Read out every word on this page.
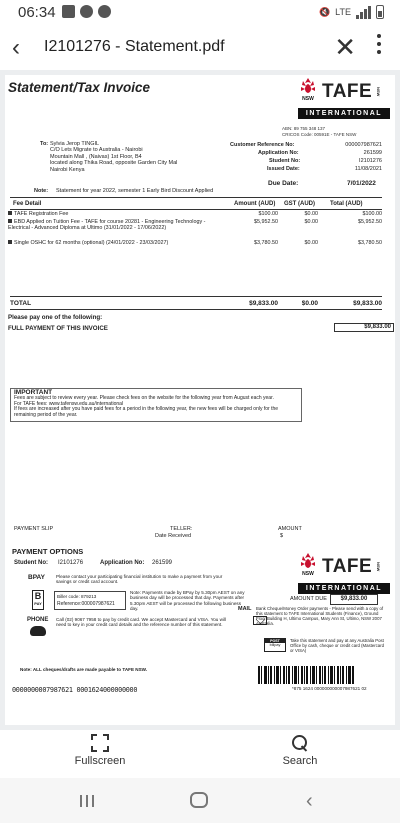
06:34	🔇 LTE
‹ I2101276 - Statement.pdf	✕
Statement/Tax Invoice
NSW TAFE NSW
INTERNATIONAL
ABN: 89 755 348 137
CRICOS Code: 00591E - TAFE NSW
To: Sylvia Jerop TINGIL
C/O Lets Migrate to Australia - Nairobi
Mountain Mall , (Naivas) 1st Floor, B4
located along Thika Road, opposite Garden City Mal
Nairobi Kenya
Customer Reference No:	000007987621
Application No:	261599
Student No:	I2101276
Issued Date:	11/08/2021
Due Date:	7/01/2022
Note: Statement for year 2022, semester 1 Early Bird Discount Applied
Fee Detail	Amount (AUD) GST (AUD)	Total (AUD)
TAFE Registration Fee	$100.00	$0.00	$100.00
EBD Applied on Tuition Fee - TAFE for course 20281 - Engineering Technology - Electrical - Advanced Diploma at Ultimo (31/01/2022 - 17/06/2022)
$5,952.50	$0.00	$5,952.50
Single OSHC for 62 months (optional) (24/01/2022 - 23/03/2027)	$3,780.50	$0.00	$3,780.50
TOTAL	$9,833.00	$0.00	$9,833.00
Please pay one of the following:
FULL PAYMENT OF THIS INVOICE	$9,833.00
IMPORTANT
Fees are subject to review every year. Please check fees on the website for the following year from August each year.
For TAFE fees: www.tafensw.edu.au/international
If fees are increased after you have paid fees for a period in the following year, the new fees will be charged only for the remaining period of the year.
PAYMENT SLIP	TELLER:
Date Received
AMOUNT
$
PAYMENT OPTIONS
Student No: I2101276	Application No: 261599
NSW TAFE NSW
INTERNATIONAL
BPAY Please contact your participating financial institution to make a payment from your savings or credit card account.
B
PAY
Biller code: 879213
Reference:000007987621
Note: Payments made by BPay by 5.30pm AEST on any business day will be processed that day. Payments after 5.30pm AEST will be processed the following business day.
AMOUNT DUE	$9,833.00
MAIL Bank Cheque/Money Order payments - Please send with a copy of this statement to TAFE International Students (Finance), Ground Floor Building H, Ultimo Campus, Mary Ann St, Ultimo, NSW 2007 Australia.
PHONE Call (02) 9067 7958 to pay by credit card. We accept Mastercard and VISA. You will need to key in your credit card details and the reference number of this statement.
POST
billpay
Take this statement and pay at any Australia Post Office by cash, cheque or credit card (Mastercard or VISA)
Note: ALL cheques/drafts are made payable to TAFE NSW.
*875 1624 000000000007987621 02
0000000007987621 0001624000000000
Fullscreen	Search
‹
